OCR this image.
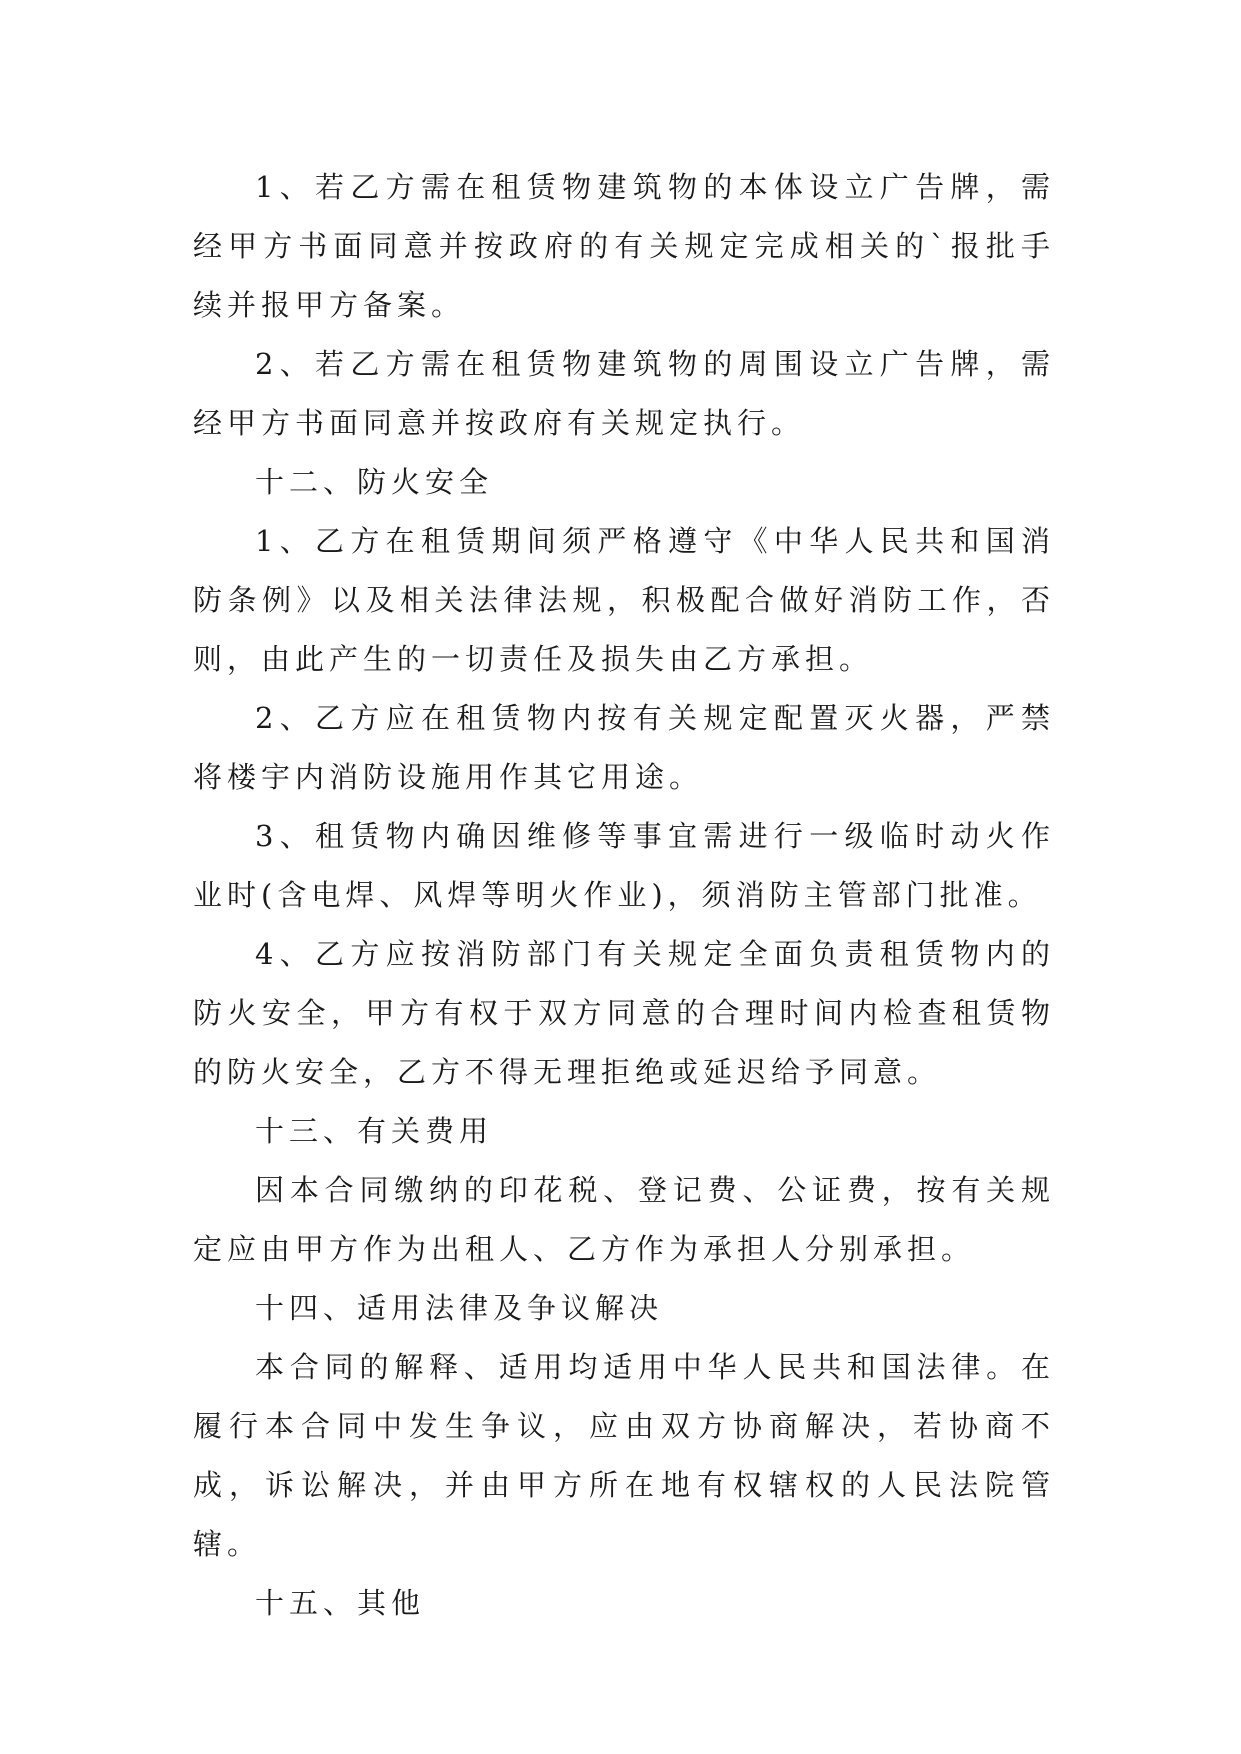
1、若乙方需在租赁物建筑物的本体设立广告牌，需经甲方书面同意并按政府的有关规定完成相关的`报批手续并报甲方备案。

2、若乙方需在租赁物建筑物的周围设立广告牌，需经甲方书面同意并按政府有关规定执行。

十二、防火安全

1、乙方在租赁期间须严格遵守《中华人民共和国消防条例》以及相关法律法规，积极配合做好消防工作，否则，由此产生的一切责任及损失由乙方承担。

2、乙方应在租赁物内按有关规定配置灭火器，严禁将楼宇内消防设施用作其它用途。

3、租赁物内确因维修等事宜需进行一级临时动火作业时(含电焊、风焊等明火作业)，须消防主管部门批准。

4、乙方应按消防部门有关规定全面负责租赁物内的防火安全，甲方有权于双方同意的合理时间内检查租赁物的防火安全，乙方不得无理拒绝或延迟给予同意。

十三、有关费用

因本合同缴纳的印花税、登记费、公证费，按有关规定应由甲方作为出租人、乙方作为承担人分别承担。

十四、适用法律及争议解决

本合同的解释、适用均适用中华人民共和国法律。在履行本合同中发生争议，应由双方协商解决，若协商不成，诉讼解决，并由甲方所在地有权辖权的人民法院管辖。

十五、其他
